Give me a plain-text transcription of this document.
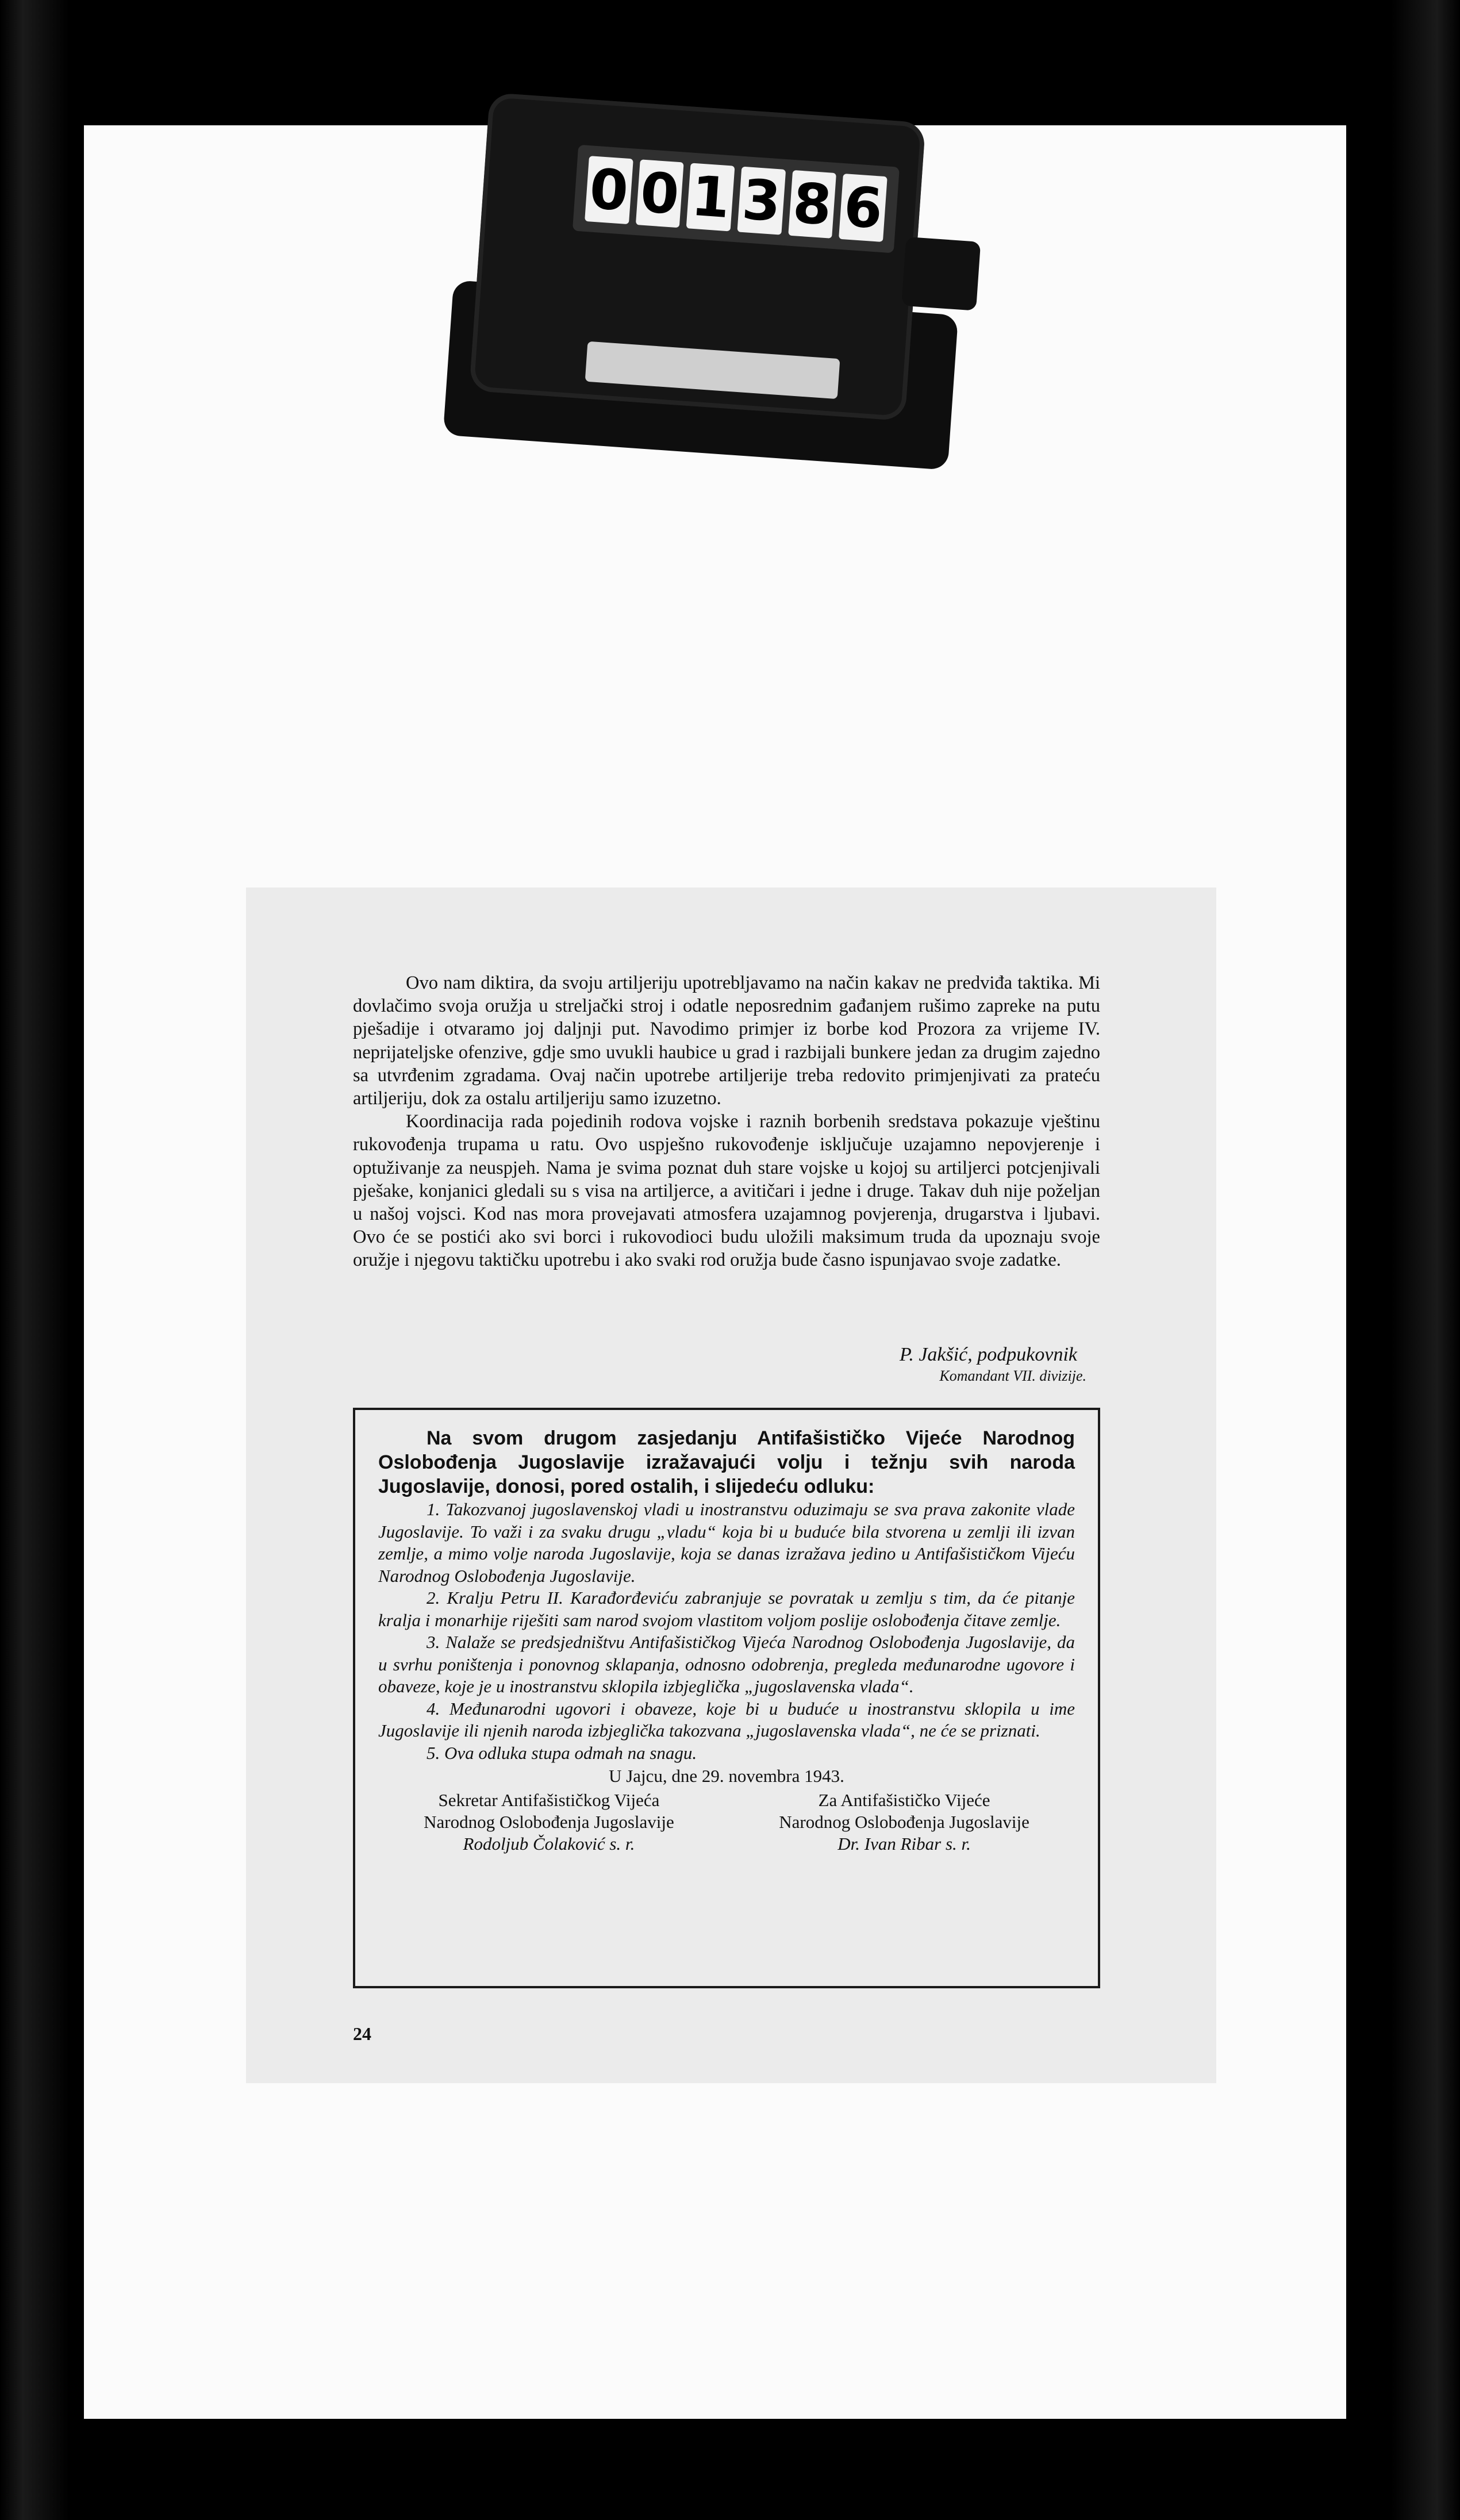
0 0 1 3 8 6

Ovo nam diktira, da svoju artiljeriju upotrebljavamo na način kakav ne predviđa taktika. Mi dovlačimo svoja oružja u streljački stroj i odatle neposrednim gađanjem rušimo zapreke na putu pješadije i otvaramo joj daljnji put. Navodimo primjer iz borbe kod Prozora za vrijeme IV. neprijateljske ofenzive, gdje smo uvukli haubice u grad i razbijali bunkere jedan za drugim zajedno sa utvrđenim zgradama. Ovaj način upotrebe artiljerije treba redovito primjenjivati za prateću artiljeriju, dok za ostalu artiljeriju samo izuzetno.

Koordinacija rada pojedinih rodova vojske i raznih borbenih sredstava pokazuje vještinu rukovođenja trupama u ratu. Ovo uspješno rukovođenje isključuje uzajamno nepovjerenje i optuživanje za neuspjeh. Nama je svima poznat duh stare vojske u kojoj su artiljerci potcjenjivali pješake, konjanici gledali su s visa na artiljerce, a avitičari i jedne i druge. Takav duh nije poželjan u našoj vojsci. Kod nas mora provejavati atmosfera uzajamnog povjerenja, drugarstva i ljubavi. Ovo će se postići ako svi borci i rukovodioci budu uložili maksimum truda da upoznaju svoje oružje i njegovu taktičku upotrebu i ako svaki rod oružja bude časno ispunjavao svoje zadatke.

P. Jakšić, podpukovnik
Komandant VII. divizije.

Na svom drugom zasjedanju Antifašističko Vijeće Narodnog Oslobođenja Jugoslavije izražavajući volju i težnju svih naroda Jugoslavije, donosi, pored ostalih, i slijedeću odluku:

1. Takozvanoj jugoslavenskoj vladi u inostranstvu oduzimaju se sva prava zakonite vlade Jugoslavije. To važi i za svaku drugu „vladu“ koja bi u buduće bila stvorena u zemlji ili izvan zemlje, a mimo volje naroda Jugoslavije, koja se danas izražava jedino u Antifašističkom Vijeću Narodnog Oslobođenja Jugoslavije.

2. Kralju Petru II. Karađorđeviću zabranjuje se povratak u zemlju s tim, da će pitanje kralja i monarhije riješiti sam narod svojom vlastitom voljom poslije oslobođenja čitave zemlje.

3. Nalaže se predsjedništvu Antifašističkog Vijeća Narodnog Oslobođenja Jugoslavije, da u svrhu poništenja i ponovnog sklapanja, odnosno odobrenja, pregleda međunarodne ugovore i obaveze, koje je u inostranstvu sklopila izbjeglička „jugoslavenska vlada“.

4. Međunarodni ugovori i obaveze, koje bi u buduće u inostranstvu sklopila u ime Jugoslavije ili njenih naroda izbjeglička takozvana „jugoslavenska vlada“, ne će se priznati.

5. Ova odluka stupa odmah na snagu.

U Jajcu, dne 29. novembra 1943.

Sekretar Antifašističkog Vijeća
Narodnog Oslobođenja Jugoslavije
Rodoljub Čolaković s. r.
Za Antifašističko Vijeće
Narodnog Oslobođenja Jugoslavije
Dr. Ivan Ribar s. r.
24
